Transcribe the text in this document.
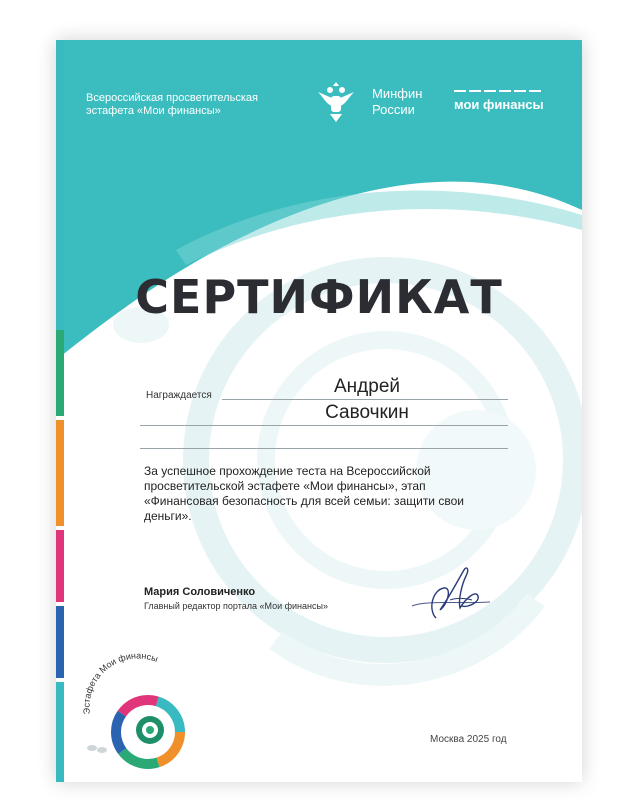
Всероссийская просветительская эстафета «Мои финансы»
Минфин России	мои финансы
СЕРТИФИКАТ
Награждается	Андрей
Савочкин
За успешное прохождение теста на Всероссийской просветительской эстафете «Мои финансы», этап «Финансовая безопасность для всей семьи: защити свои деньги».
Мария Соловиченко
Главный редактор портала «Мои финансы»
Эстафета Мои финансы
Москва 2025 год
